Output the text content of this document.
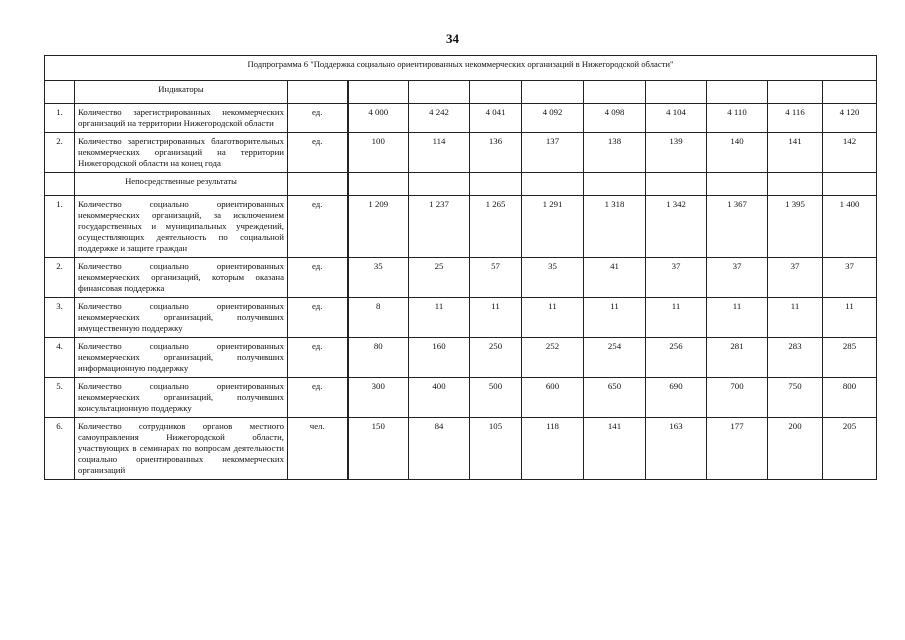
34
Подпрограмма 6 "Поддержка социально ориентированных некоммерческих организаций в Нижегородской области"											
	Индикаторы										
1.	Количество зарегистрированных некоммерческих организаций на территории Нижегородской области	ед.	4 000	4 242	4 041	4 092	4 098	4 104	4 110	4 116	4 120
2.	Количество зарегистрированных благотворительных некоммерческих организаций на территории Нижегородской области на конец года	ед.	100	114	136	137	138	139	140	141	142
	Непосредственные результаты										
1.	Количество социально ориентированных некоммерческих организаций, за исключением государственных и муниципальных учреждений, осуществляющих деятельность по социальной поддержке и защите граждан	ед.	1 209	1 237	1 265	1 291	1 318	1 342	1 367	1 395	1 400
2.	Количество социально ориентированных некоммерческих организаций, которым оказана финансовая поддержка	ед.	35	25	57	35	41	37	37	37	37
3.	Количество социально ориентированных некоммерческих организаций, получивших имущественную поддержку	ед.	8	11	11	11	11	11	11	11	11
4.	Количество социально ориентированных некоммерческих организаций, получивших информационную поддержку	ед.	80	160	250	252	254	256	281	283	285
5.	Количество социально ориентированных некоммерческих организаций, получивших консультационную поддержку	ед.	300	400	500	600	650	690	700	750	800
6.	Количество сотрудников органов местного самоуправления Нижегородской области, участвующих в семинарах по вопросам деятельности социально ориентированных некоммерческих организаций	чел.	150	84	105	118	141	163	177	200	205
